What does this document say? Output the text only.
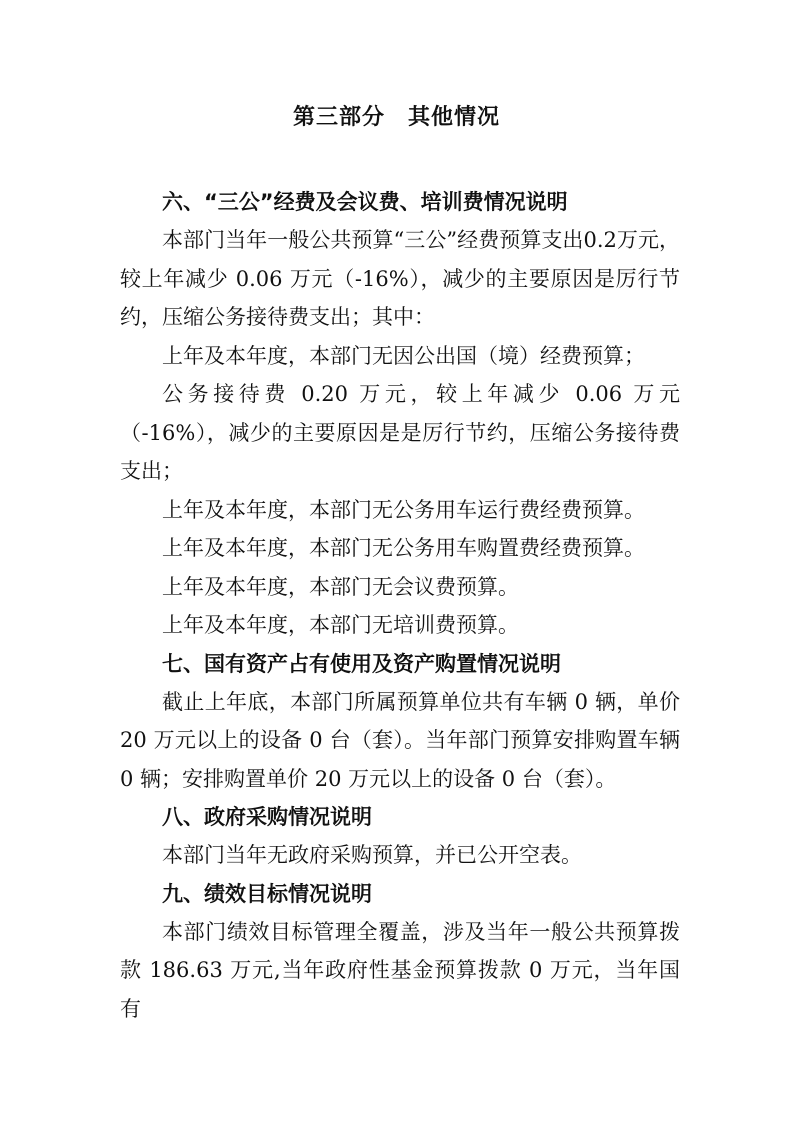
第三部分　其他情况
六、“三公”经费及会议费、培训费情况说明

本部门当年一般公共预算“三公”经费预算支出0.2万元，较上年减少 0.06 万元（-16%），减少的主要原因是厉行节约，压缩公务接待费支出；其中：

上年及本年度，本部门无因公出国（境）经费预算；

公务接待费 0.20 万元，较上年减少 0.06 万元（-16%），减少的主要原因是是厉行节约，压缩公务接待费支出；

上年及本年度，本部门无公务用车运行费经费预算。

上年及本年度，本部门无公务用车购置费经费预算。

上年及本年度，本部门无会议费预算。

上年及本年度，本部门无培训费预算。

七、国有资产占有使用及资产购置情况说明

截止上年底，本部门所属预算单位共有车辆 0 辆，单价 20 万元以上的设备 0 台（套）。当年部门预算安排购置车辆 0 辆；安排购置单价 20 万元以上的设备 0 台（套）。

八、政府采购情况说明

本部门当年无政府采购预算，并已公开空表。

九、绩效目标情况说明

本部门绩效目标管理全覆盖，涉及当年一般公共预算拨款 186.63 万元,当年政府性基金预算拨款 0 万元，当年国有
